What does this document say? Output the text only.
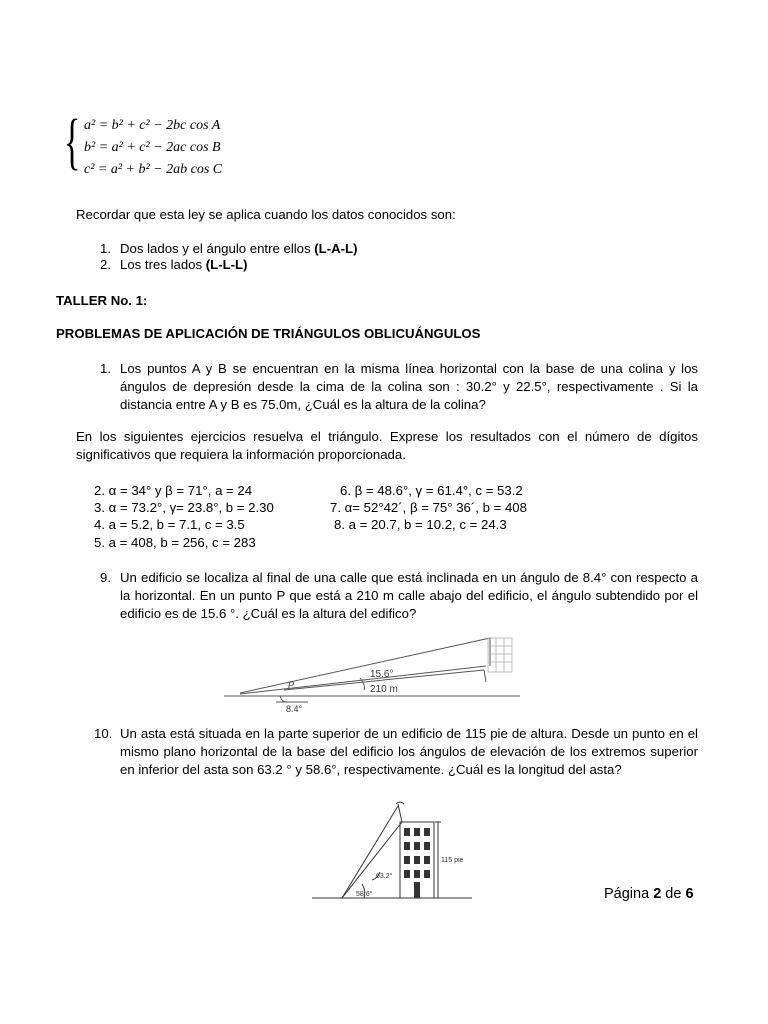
{ a² = b² + c² − 2bc cos A
b² = a² + c² − 2ac cos B
c² = a² + b² − 2ab cos C
Recordar que esta ley se aplica cuando los datos conocidos son:
1. Dos lados y el ángulo entre ellos (L-A-L)
2. Los tres lados (L-L-L)
TALLER No. 1:
PROBLEMAS DE APLICACIÓN DE TRIÁNGULOS OBLICUÁNGULOS
1. Los puntos A y B se encuentran en la misma línea horizontal con la base de una colina y los ángulos de depresión desde la cima de la colina son : 30.2° y 22.5°, respectivamente . Si la distancia entre A y B es 75.0m, ¿Cuál es la altura de la colina?
En los siguientes ejercicios resuelva el triángulo. Exprese los resultados con el número de dígitos significativos que requiera la información proporcionada.
2. α = 34° y β = 71°, a = 24
3. α = 73.2°, γ= 23.8°, b = 2.30
4. a = 5.2, b = 7.1, c = 3.5
5. a = 408, b = 256, c = 283
6. β = 48.6°, γ = 61.4°, c = 53.2
7. α= 52°42´, β = 75° 36´, b = 408
8. a = 20.7, b = 10.2, c = 24.3
9. Un edificio se localiza al final de una calle que está inclinada en un ángulo de 8.4° con respecto a la horizontal. En un punto P que está a 210 m calle abajo del edificio, el ángulo subtendido por el edificio es de 15.6 °. ¿Cuál es la altura del edifico?
15.6°
210 m
P
8.4°
10. Un asta está situada en la parte superior de un edificio de 115 pie de altura. Desde un punto en el mismo plano horizontal de la base del edificio los ángulos de elevación de los extremos superior en inferior del asta son 63.2 ° y 58.6°, respectivamente. ¿Cuál es la longitud del asta?
115 pie
63.2°
58.6°	Página 2 de 6
